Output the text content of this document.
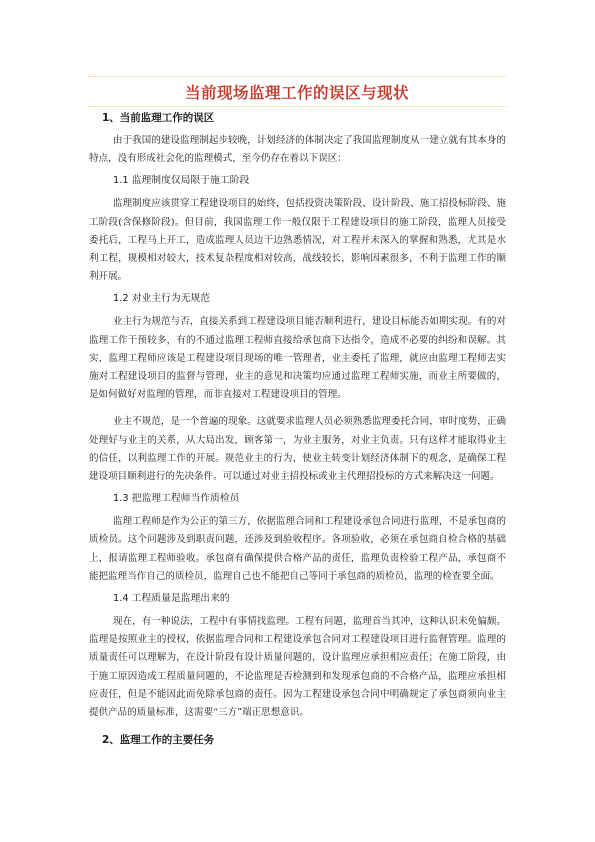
当前现场监理工作的误区与现状
1、当前监理工作的误区

由于我国的建设监理制起步较晚，计划经济的体制决定了我国监理制度从一建立就有其本身的特点，没有形成社会化的监理模式，至今仍存在着以下误区：

1.1 监理制度仅局限于施工阶段

监理制度应该贯穿工程建设项目的始终，包括投资决策阶段、设计阶段、施工招投标阶段、施工阶段(含保修阶段)。但目前，我国监理工作一般仅限于工程建设项目的施工阶段，监理人员接受委托后，工程马上开工，造成监理人员边干边熟悉情况，对工程并未深入的掌握和熟悉，尤其是水利工程，规模相对较大，技术复杂程度相对较高，战线较长，影响因素很多，不利于监理工作的顺利开展。

1.2 对业主行为无规范

业主行为规范与否，直接关系到工程建设项目能否顺利进行，建设目标能否如期实现。有的对监理工作干预较多，有的不通过监理工程师直接给承包商下达指令，造成不必要的纠纷和误解。其实，监理工程师应该是工程建设项目现场的唯一管理者，业主委托了监理，就应由监理工程师去实施对工程建设项目的监督与管理，业主的意见和决策均应通过监理工程师实施，而业主所要做的，是如何做好对监理的管理，而非直接对工程建设项目的管理。

业主不规范，是一个普遍的现象。这就要求监理人员必须熟悉监理委托合同，审时度势，正确处理好与业主的关系，从大局出发，顾客第一，为业主服务，对业主负责。只有这样才能取得业主的信任，以利监理工作的开展。规范业主的行为，使业主转变计划经济体制下的观念，是确保工程建设项目顺利进行的先决条件。可以通过对业主招投标或业主代理招投标的方式来解决这一问题。

1.3 把监理工程师当作质检员

监理工程师是作为公正的第三方，依据监理合同和工程建设承包合同进行监理，不是承包商的质检员。这个问题涉及到职责问题，还涉及到验收程序。各项验收，必须在承包商自检合格的基础上，报请监理工程师验收。承包商有确保提供合格产品的责任，监理负责检验工程产品，承包商不能把监理当作自己的质检员，监理自己也不能把自己等同于承包商的质检员，监理的检查要全面。

1.4 工程质量是监理出来的

现在，有一种说法，工程中有事情找监理。工程有问题，监理首当其冲，这种认识未免偏颇。监理是按照业主的授权，依据监理合同和工程建设承包合同对工程建设项目进行监督管理。监理的质量责任可以理解为，在设计阶段有设计质量问题的，设计监理应承担相应责任；在施工阶段，由于施工原因造成工程质量问题的，不论监理是否检测到和发现承包商的不合格产品，监理应承担相应责任，但是不能因此而免除承包商的责任。因为工程建设承包合同中明确规定了承包商须向业主提供产品的质量标准，这需要“三方”端正思想意识。

2、监理工作的主要任务
